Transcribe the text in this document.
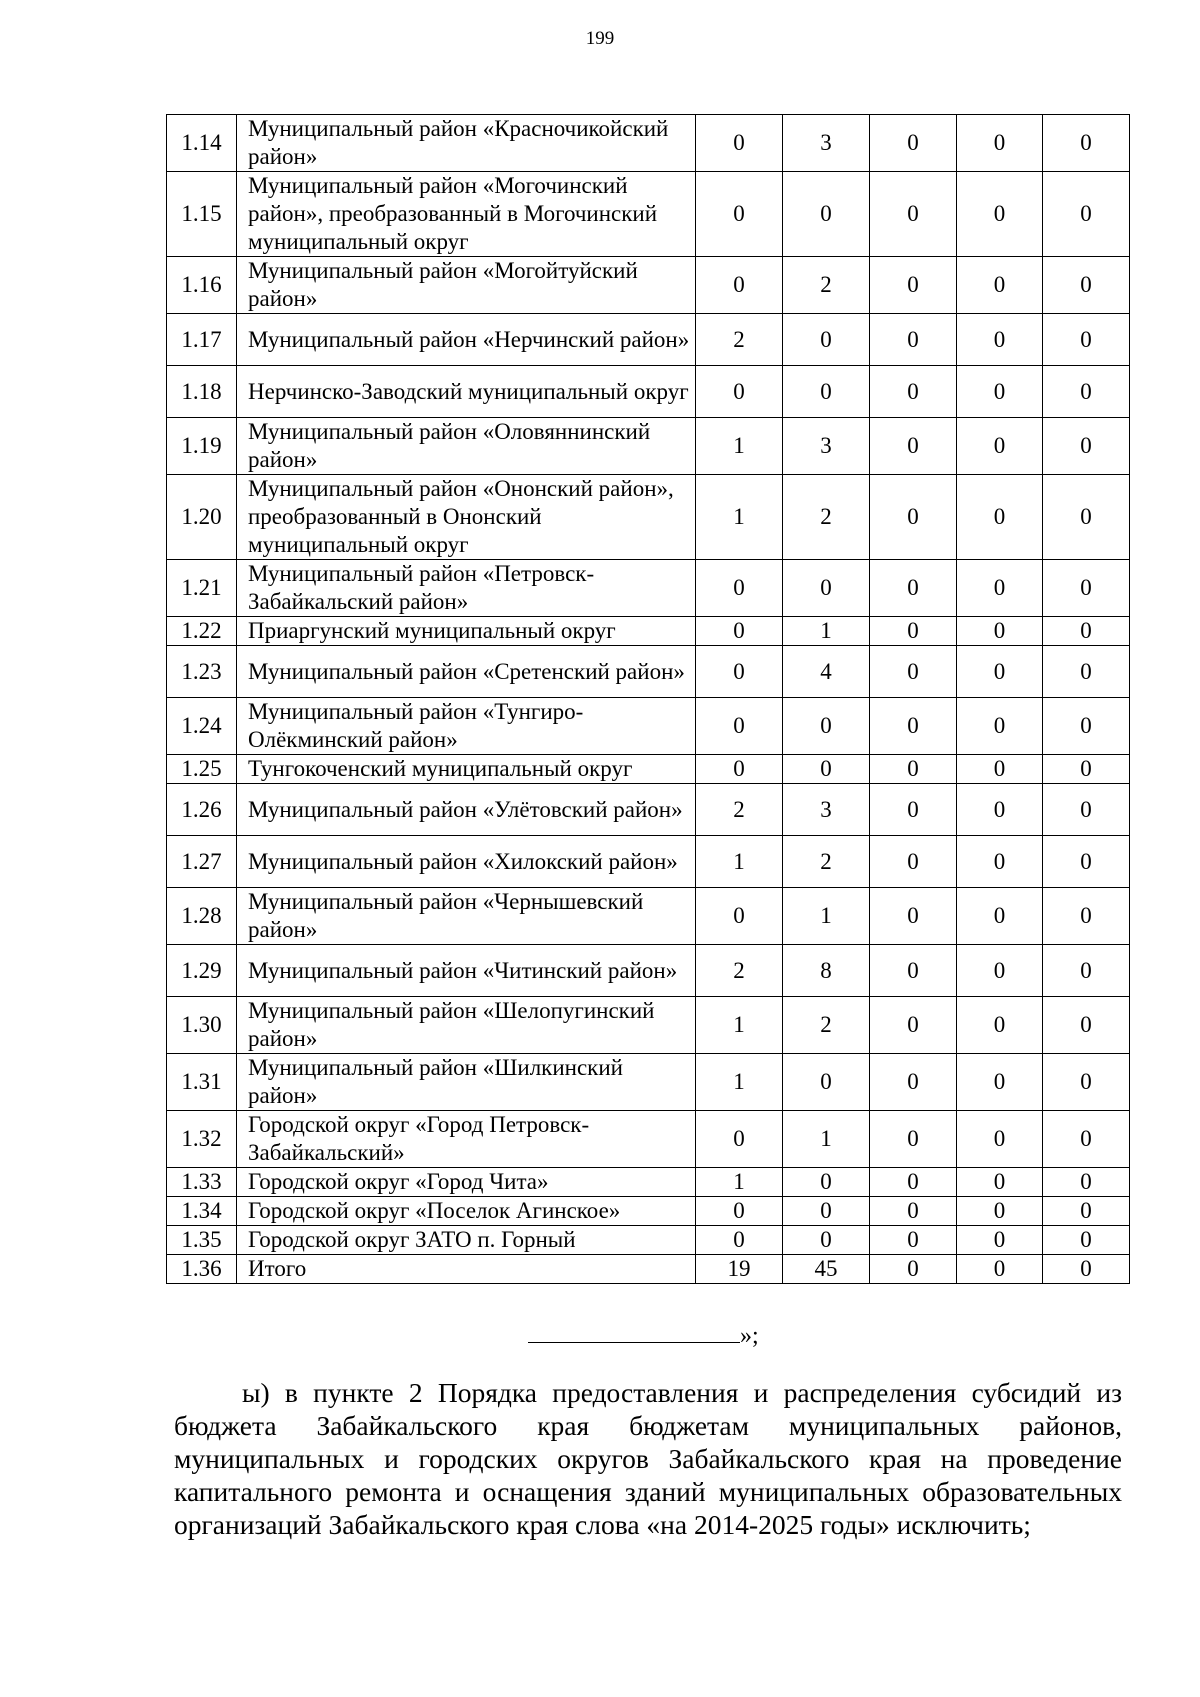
199
1.14	Муниципальный район «Красночикойский район»	0	3	0	0	0
1.15	Муниципальный район «Могочинский район», преобразованный в Могочинский муниципальный округ	0	0	0	0	0
1.16	Муниципальный район «Могойтуйский район»	0	2	0	0	0
1.17	Муниципальный район «Нерчинский район»	2	0	0	0	0
1.18	Нерчинско-Заводский муниципальный округ	0	0	0	0	0
1.19	Муниципальный район «Оловяннинский район»	1	3	0	0	0
1.20	Муниципальный район «Ононский район», преобразованный в Ононский муниципальный округ	1	2	0	0	0
1.21	Муниципальный район «Петровск-Забайкальский район»	0	0	0	0	0
1.22	Приаргунский муниципальный округ	0	1	0	0	0
1.23	Муниципальный район «Сретенский район»	0	4	0	0	0
1.24	Муниципальный район «Тунгиро-Олёкминский район»	0	0	0	0	0
1.25	Тунгокоченский муниципальный округ	0	0	0	0	0
1.26	Муниципальный район «Улётовский район»	2	3	0	0	0
1.27	Муниципальный район «Хилокский район»	1	2	0	0	0
1.28	Муниципальный район «Чернышевский район»	0	1	0	0	0
1.29	Муниципальный район «Читинский район»	2	8	0	0	0
1.30	Муниципальный район «Шелопугинский район»	1	2	0	0	0
1.31	Муниципальный район «Шилкинский район»	1	0	0	0	0
1.32	Городской округ «Город Петровск-Забайкальский»	0	1	0	0	0
1.33	Городской округ «Город Чита»	1	0	0	0	0
1.34	Городской округ «Поселок Агинское»	0	0	0	0	0
1.35	Городской округ ЗАТО п. Горный	0	0	0	0	0
1.36	Итого	19	45	0	0	0
»;

ы) в пункте 2 Порядка предоставления и распределения субсидий из бюджета Забайкальского края бюджетам муниципальных районов, муниципальных и городских округов Забайкальского края на проведение капитального ремонта и оснащения зданий муниципальных образовательных организаций Забайкальского края слова «на 2014-2025 годы» исключить;
